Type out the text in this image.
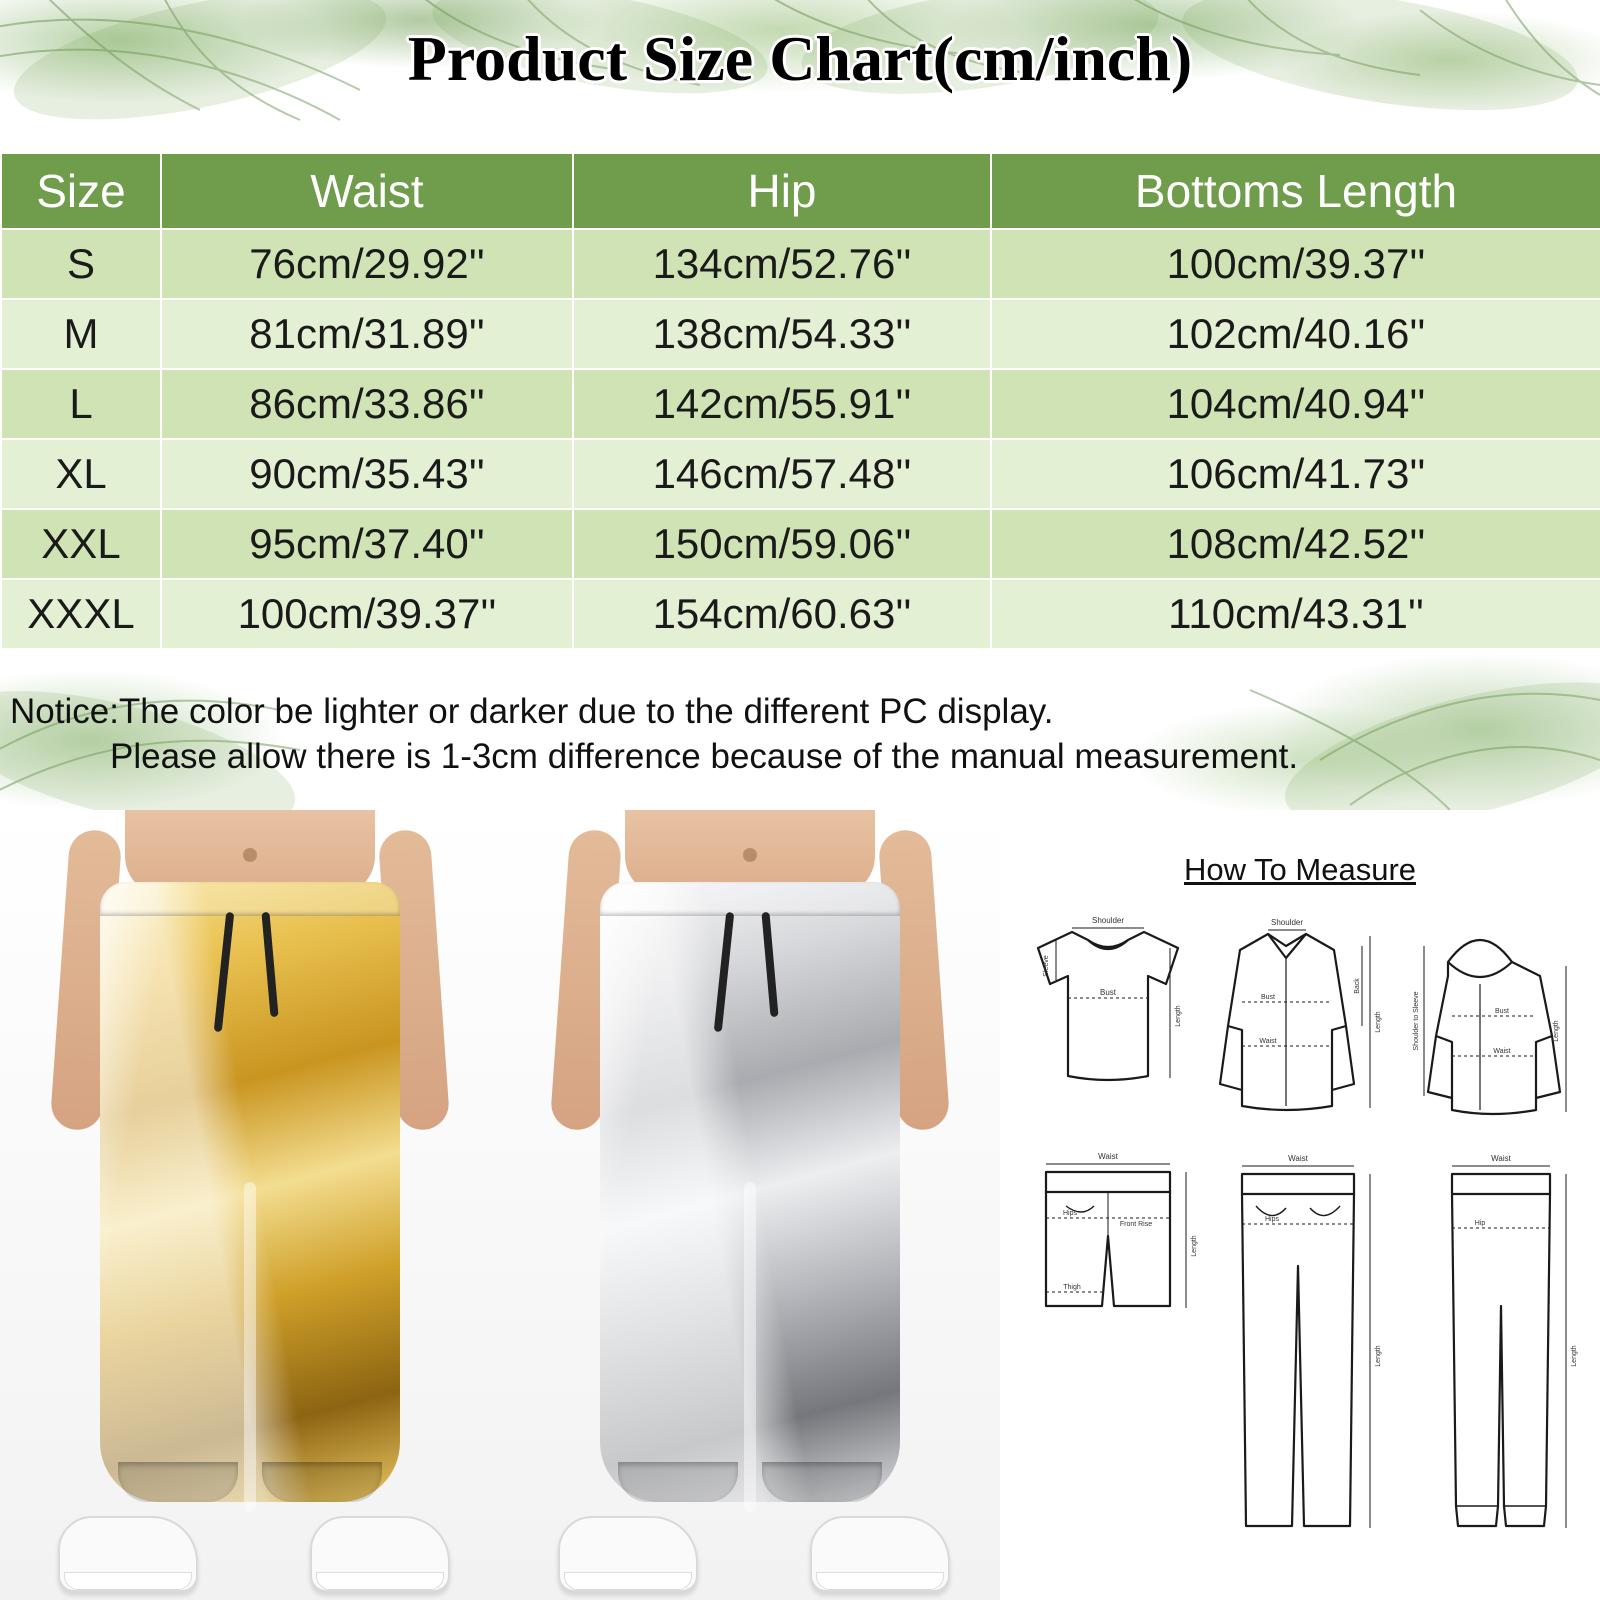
Product Size Chart(cm/inch)
Size	Waist	Hip	Bottoms Length
S	76cm/29.92''	134cm/52.76''	100cm/39.37''
M	81cm/31.89''	138cm/54.33''	102cm/40.16''
L	86cm/33.86''	142cm/55.91''	104cm/40.94''
XL	90cm/35.43''	146cm/57.48''	106cm/41.73''
XXL	95cm/37.40''	150cm/59.06''	108cm/42.52''
XXXL	100cm/39.37''	154cm/60.63''	110cm/43.31''
Notice:The color be lighter or darker due to the different PC display.
Please allow there is 1-3cm difference because of the manual measurement.
How To Measure
Shoulder
Sleeve
Bust
Length
Shoulder
Bust
Waist
Back
Length	Shoulder to Sleeve	Bust
Waist
Length
Waist
Hips
Front Rise
Thigh
Length
Waist
Hips
Length
Waist
Hip
Length
